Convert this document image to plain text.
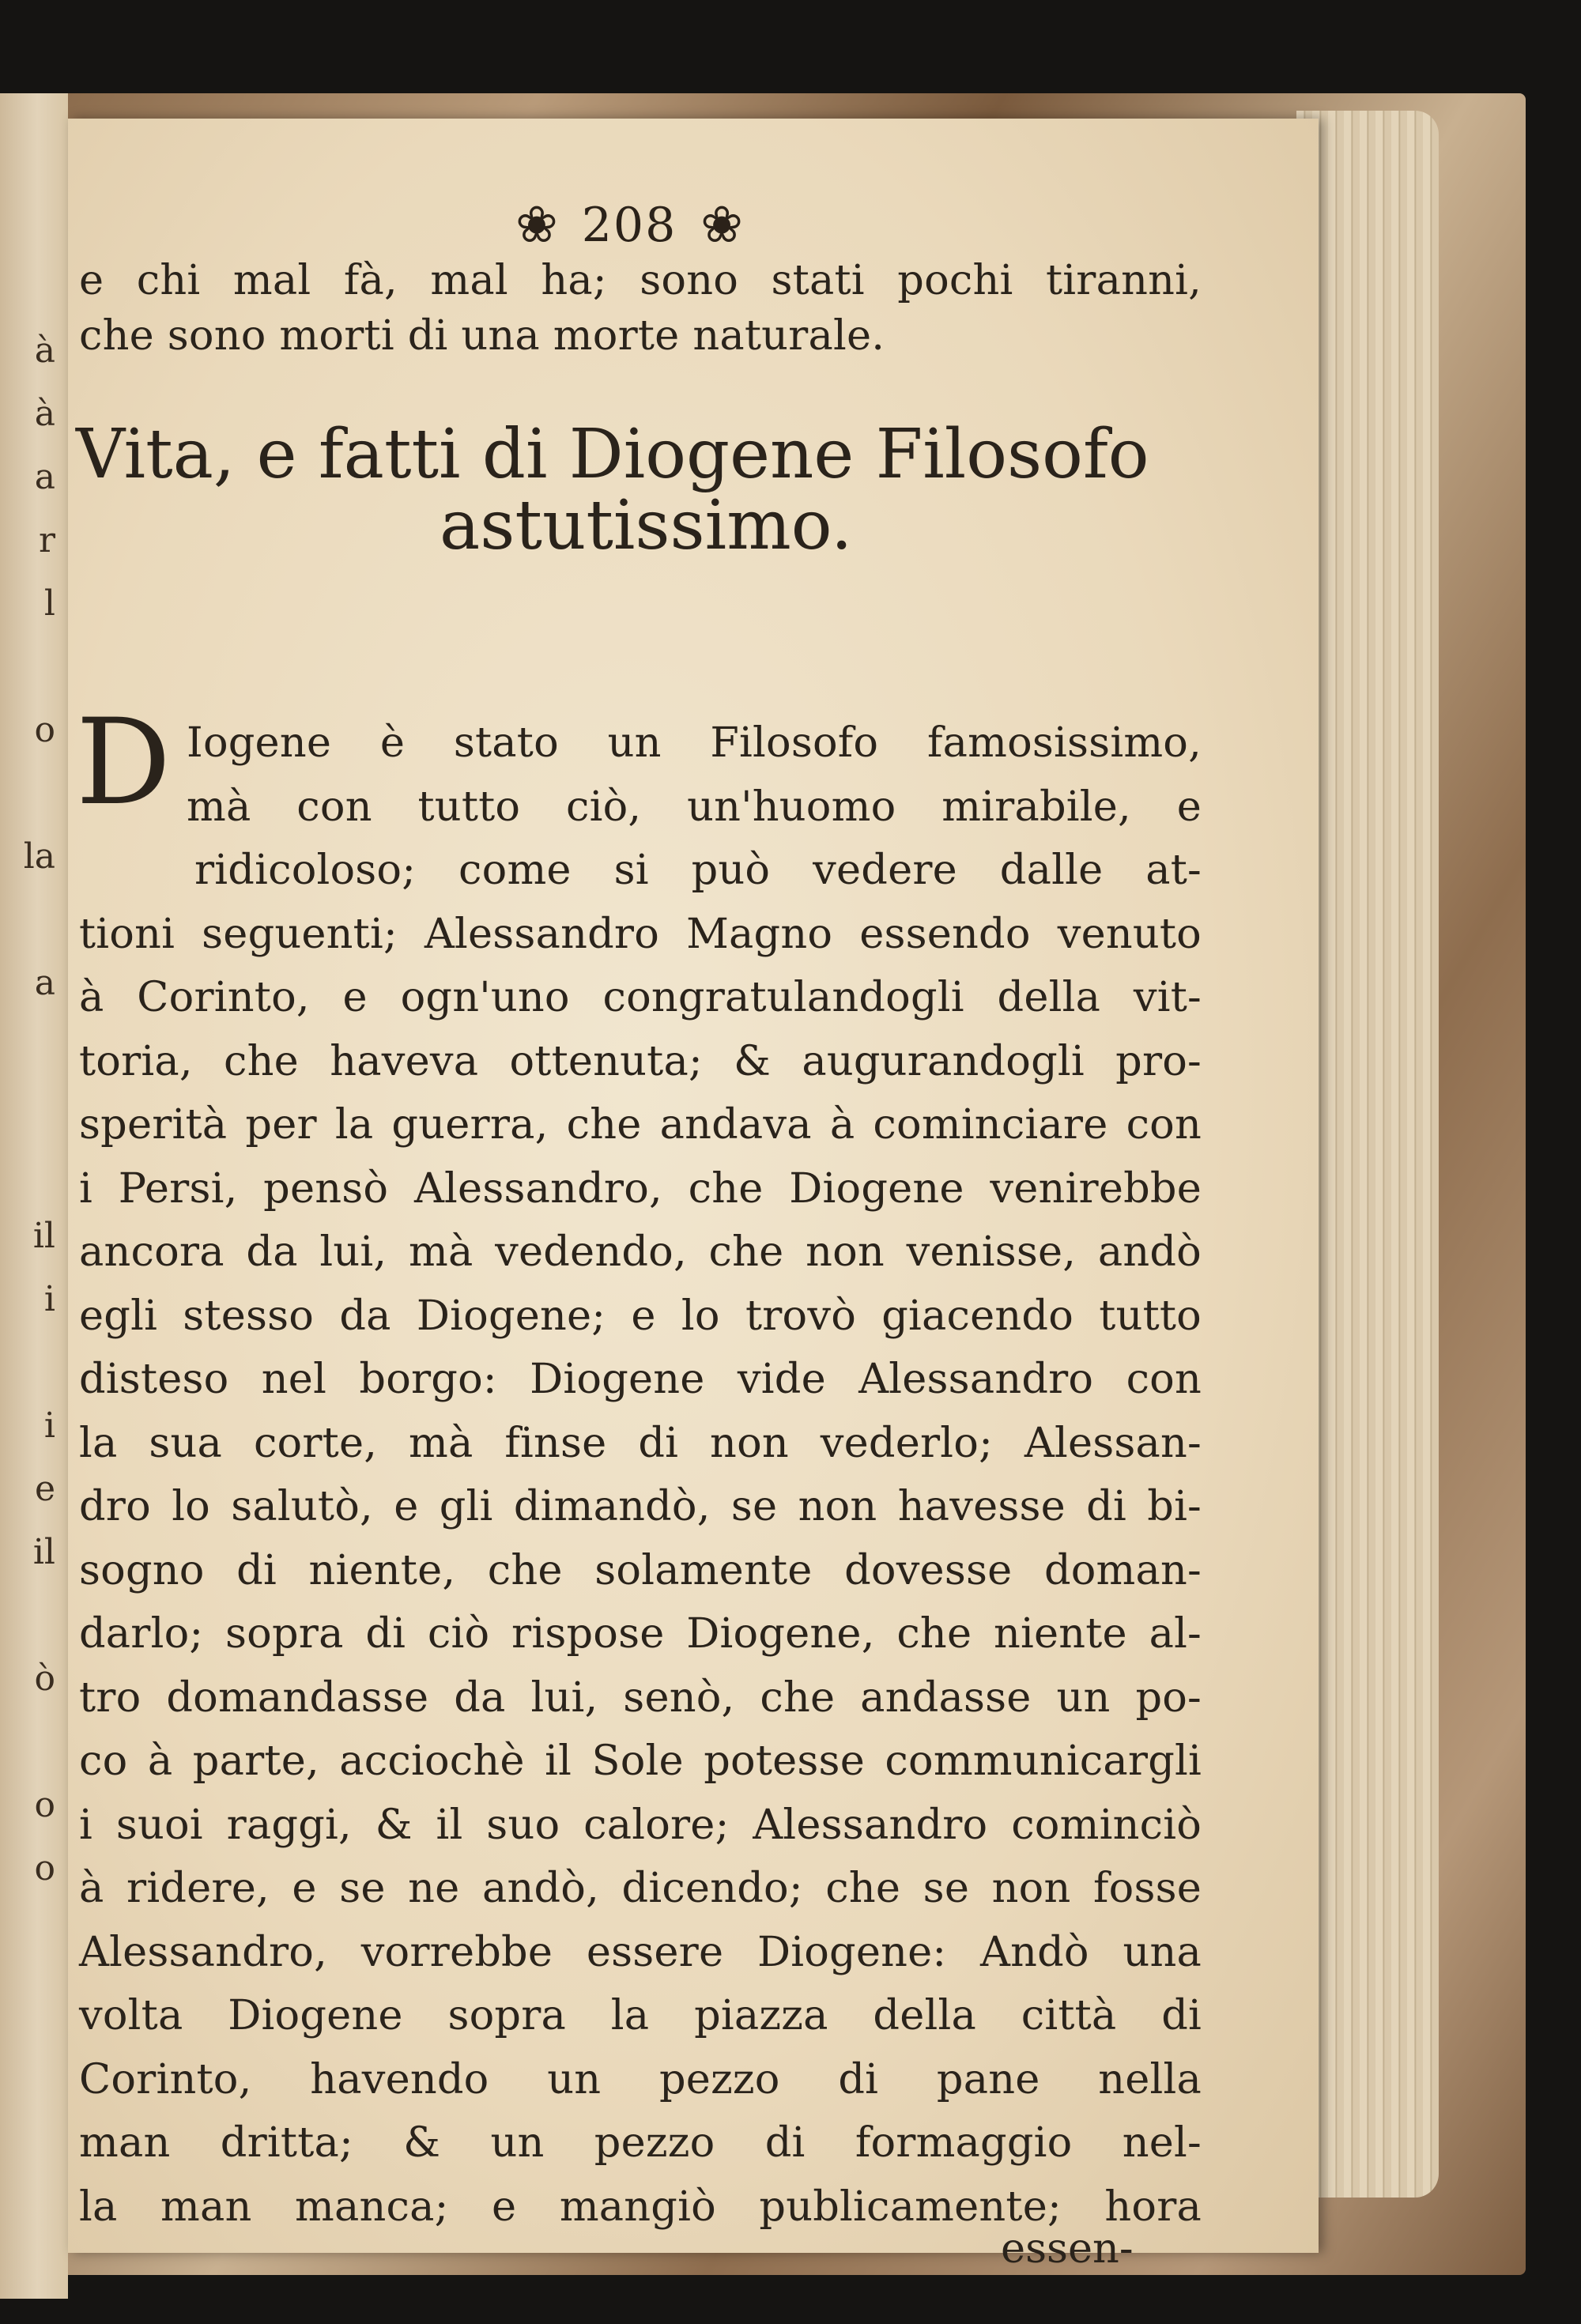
à
à
a
r
l
o
la
a
il
i
i
e
il
ò
o
o
❀ 208 ❀
e chi mal fà, mal ha; sono stati pochi tiranni,
che sono morti di una morte naturale.
Vita, e fatti di Diogene Filosofo
astutissimo.
D Iogene è stato un Filosofo famosissimo,
mà con tutto ciò, un'huomo mirabile, e
ridicoloso; come si può vedere dalle at-
tioni seguenti; Alessandro Magno essendo venuto
à Corinto, e ogn'uno congratulandogli della vit-
toria, che haveva ottenuta; & augurandogli pro-
sperità per la guerra, che andava à cominciare con
i Persi, pensò Alessandro, che Diogene venirebbe
ancora da lui, mà vedendo, che non venisse, andò
egli stesso da Diogene; e lo trovò giacendo tutto
disteso nel borgo: Diogene vide Alessandro con
la sua corte, mà finse di non vederlo; Alessan-
dro lo salutò, e gli dimandò, se non havesse di bi-
sogno di niente, che solamente dovesse doman-
darlo; sopra di ciò rispose Diogene, che niente al-
tro domandasse da lui, senò, che andasse un po-
co à parte, acciochè il Sole potesse communicargli
i suoi raggi, & il suo calore; Alessandro cominciò
à ridere, e se ne andò, dicendo; che se non fosse
Alessandro, vorrebbe essere Diogene: Andò una
volta Diogene sopra la piazza della città di
Corinto, havendo un pezzo di pane nella
man dritta; & un pezzo di formaggio nel-
la man manca; e mangiò publicamente; hora
essen-
